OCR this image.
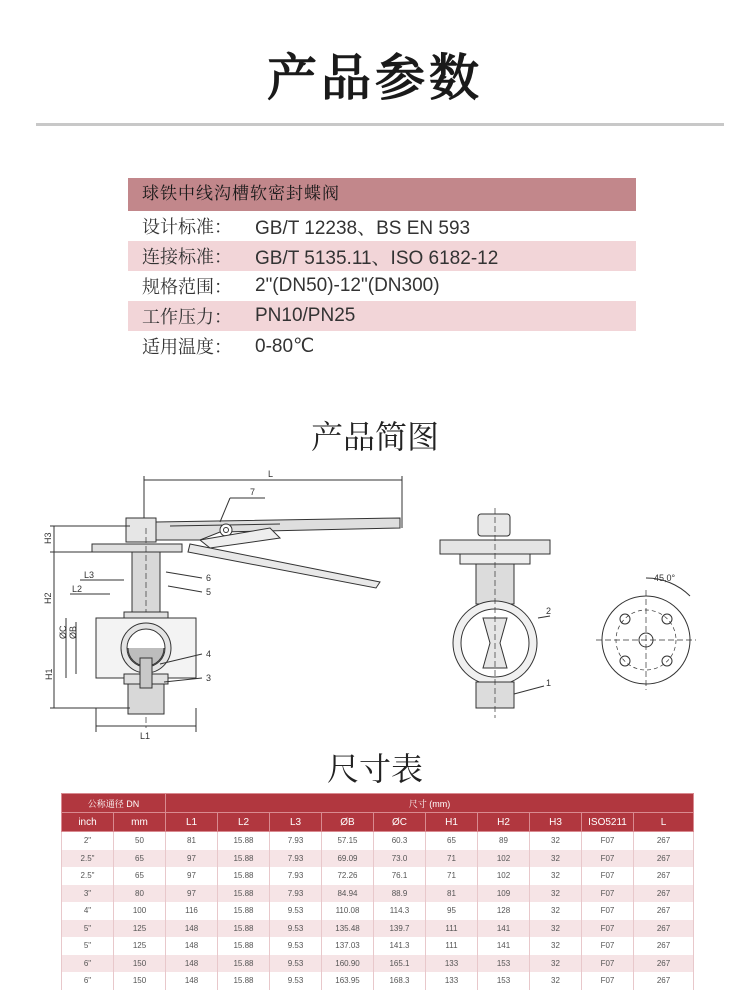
产品参数
球铁中线沟槽软密封蝶阀
设计标准：	GB/T 12238、BS EN 593
连接标准：	GB/T 5135.11、ISO 6182-12
规格范围：	2"(DN50)-12"(DN300)
工作压力：	PN10/PN25
适用温度：	0-80℃
产品简图
L
7
H3
H2
H1
ØC ØB
L3
L2
L1
6
5
4
3
2
1
45,0°
尺寸表
公称通径 DN		尺寸 (mm)									
inch	mm	L1	L2	L3	ØB	ØC	H1	H2	H3	ISO5211	L
2"	50	81	15.88	7.93	57.15	60.3	65	89	32	F07	267
2.5"	65	97	15.88	7.93	69.09	73.0	71	102	32	F07	267
2.5"	65	97	15.88	7.93	72.26	76.1	71	102	32	F07	267
3"	80	97	15.88	7.93	84.94	88.9	81	109	32	F07	267
4"	100	116	15.88	9.53	110.08	114.3	95	128	32	F07	267
5"	125	148	15.88	9.53	135.48	139.7	111	141	32	F07	267
5"	125	148	15.88	9.53	137.03	141.3	111	141	32	F07	267
6"	150	148	15.88	9.53	160.90	165.1	133	153	32	F07	267
6"	150	148	15.88	9.53	163.95	168.3	133	153	32	F07	267
